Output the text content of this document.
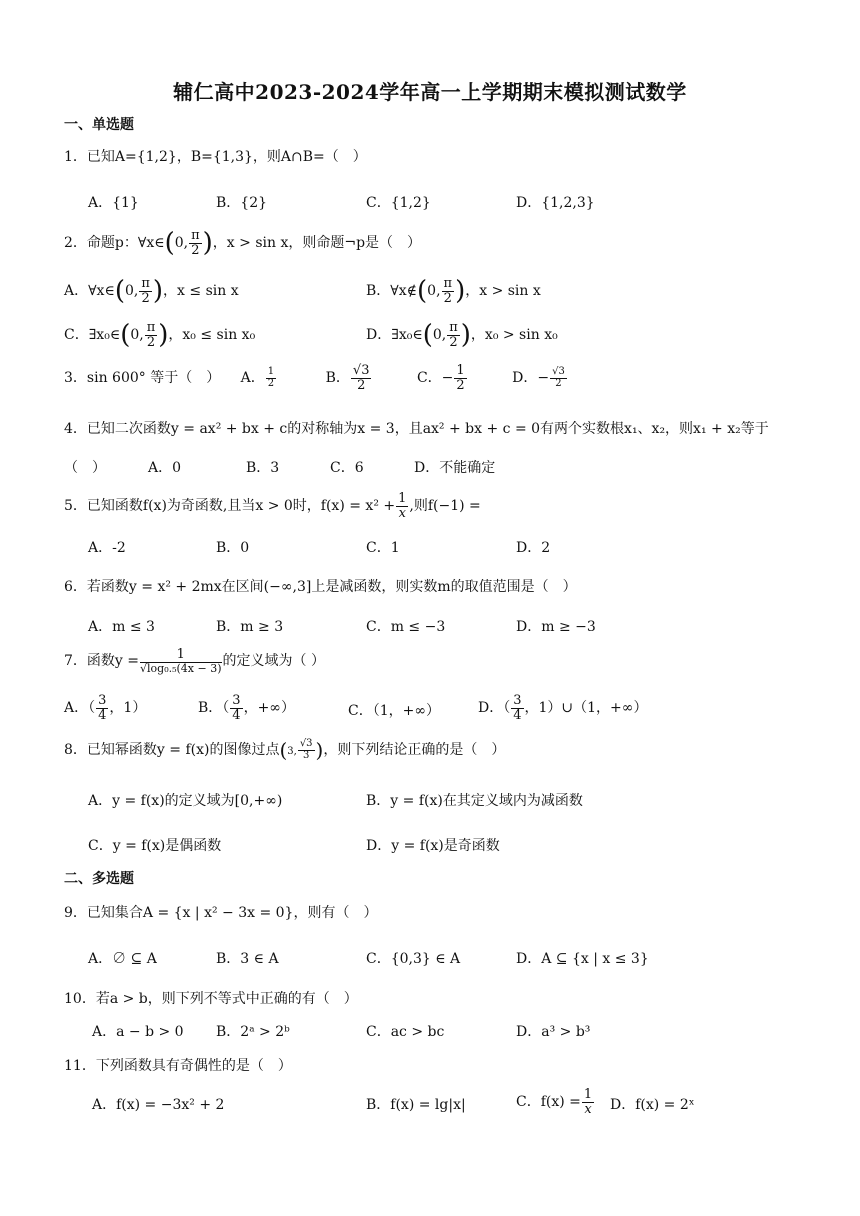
辅仁高中2023-2024学年高一上学期期末模拟测试数学
一、单选题
1．已知A={1,2}，B={1,3}，则A∩B=（　）
A．{1}	B．{2}	C．{1,2}	D．{1,2,3}
2．命题p：∀x∈(0, $\frac{\pi}{2}$ )，x > sin x，则命题¬p是（　）
A．∀x∈(0, $\frac{\pi}{2}$ )，x ≤ sin x	B．∀x∉(0, $\frac{\pi}{2}$ )，x > sin x
C．∃x₀∈(0, $\frac{\pi}{2}$ )，x₀ ≤ sin x₀	D．∃x₀∈(0, $\frac{\pi}{2}$ )，x₀ > sin x₀
3．sin 600° 等于（　） A． $\frac{1}{2}$	B． $\frac{√3}{2}$	C．− $\frac{1}{2}$	D．− $\frac{√3}{2}$
4．已知二次函数y = ax² + bx + c的对称轴为x = 3，且ax² + bx + c = 0有两个实数根x₁、x₂，则x₁ + x₂等于
（　）	A．0	B．3	C．6	D．不能确定
5．已知函数f(x)为奇函数,且当x > 0时，$f(x) = x^2 + \frac{1}{x}$ ,则f(−1) =
A．-2	B．0	C．1	D．2
6．若函数y = x² + 2mx在区间(−∞,3]上是减函数，则实数m的取值范围是（　）
A．m ≤ 3	B．m ≥ 3	C．m ≤ −3	D．m ≥ −3
7．函数$y = \frac{1}{\text{√log₀.₅(4x − 3)}}$ 的定义域为（ ）
A．（ $\frac{3}{4}$ ，1）	B．（ $\frac{3}{4}$ ，+∞）	C．（1，+∞）	D．（ $\frac{3}{4}$ ，1）∪（1，+∞）
8．已知幂函数y = f(x)的图像过点(3, $\frac{√3}{3}$ )，则下列结论正确的是（　）
A．y = f(x)的定义域为[0,+∞)	B．y = f(x)在其定义域内为减函数
C．y = f(x)是偶函数	D．y = f(x)是奇函数
二、多选题
9．已知集合A = {x | x² − 3x = 0}，则有（　）
A．∅ ⊆ A	B．3 ∈ A	C．{0,3} ∈ A	D．A ⊆ {x | x ≤ 3}
10．若a > b，则下列不等式中正确的有（　）
A．a − b > 0 B．2ᵃ > 2ᵇ	C．ac > bc	D．a³ > b³
11．下列函数具有奇偶性的是（　）
A．f(x) = −3x² + 2	B．f(x) = lg|x|	C．$f(x) = \frac{1}{x}$ D．f(x) = 2ˣ
